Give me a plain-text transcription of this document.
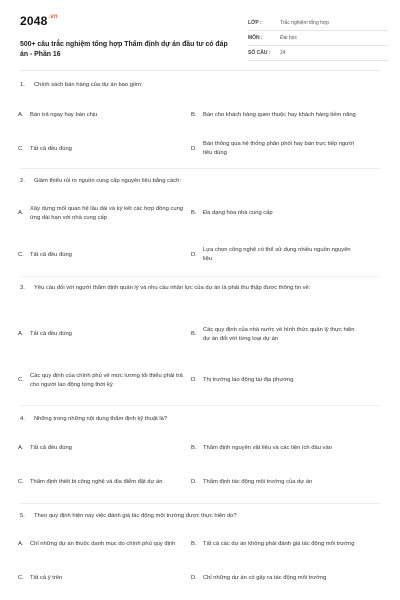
$2048^{.vn}$
500+ câu trắc nghiệm tổng hợp Thẩm định dự án đầu tư có đáp án - Phần 16
LỚP :	Trắc nghiệm tổng hợp
MÔN :	Đại học
SỐ CÂU : 24
1.	Chính sách bán hàng của dự án bao gồm:
A.	Bán trả ngay hay bán chịu	B.	Bán cho khách hàng quen thuộc hay khách hàng tiềm năng
C.	Tất cả đều đúng	D.
Bán thông qua hệ thống phân phối hay bán trực tiếp người tiêu dùng
2.	Giảm thiểu rủi ro nguồn cung cấp nguyên liệu bằng cách:
A.
Xây dựng mối quan hệ lâu dài và ký kết các hợp đồng cung ứng dài hạn với nhà cung cấp
B.	Đa dạng hóa nhà cung cấp
C.	Tất cả đều đúng	D.
Lựa chọn công nghệ có thể sử dụng nhiều nguồn nguyên liệu
3.	Yêu cầu đối với người thẩm định quản lý và nhu cầu nhân lực của dự án là phải thu thập được thông tin về:
A.	Tất cả đều đúng	B.
Các quy định của nhà nước về hình thức quản lý thực hiện dự án đối với từng loại dự án
C.
Các quy định của chính phủ về mức lương tối thiểu phải trả cho người lao động từng thời kỳ
D.	Thị trường lao động tại địa phương
4.	Những trong những nội dung thẩm định kỹ thuật là?
A.	Tất cả đều đúng	B.	Thẩm định nguyên vật liệu và các tiện ích đầu vào
C.	Thẩm định thiết bị công nghệ và địa điểm đặt dự án	D.	Thẩm định tác động môi trường của dự án
5.	Theo quy định hiện nay việc đánh giá tác động môi trường được thực hiện do?
A.	Chỉ những dự án thuộc danh mục do chính phủ quy định	B.	Tất cả các dự án không phải đánh giá tác động môi trường
C.	Tất cả ý trên	D.	Chỉ những dự án có gây ra tác động môi trường
